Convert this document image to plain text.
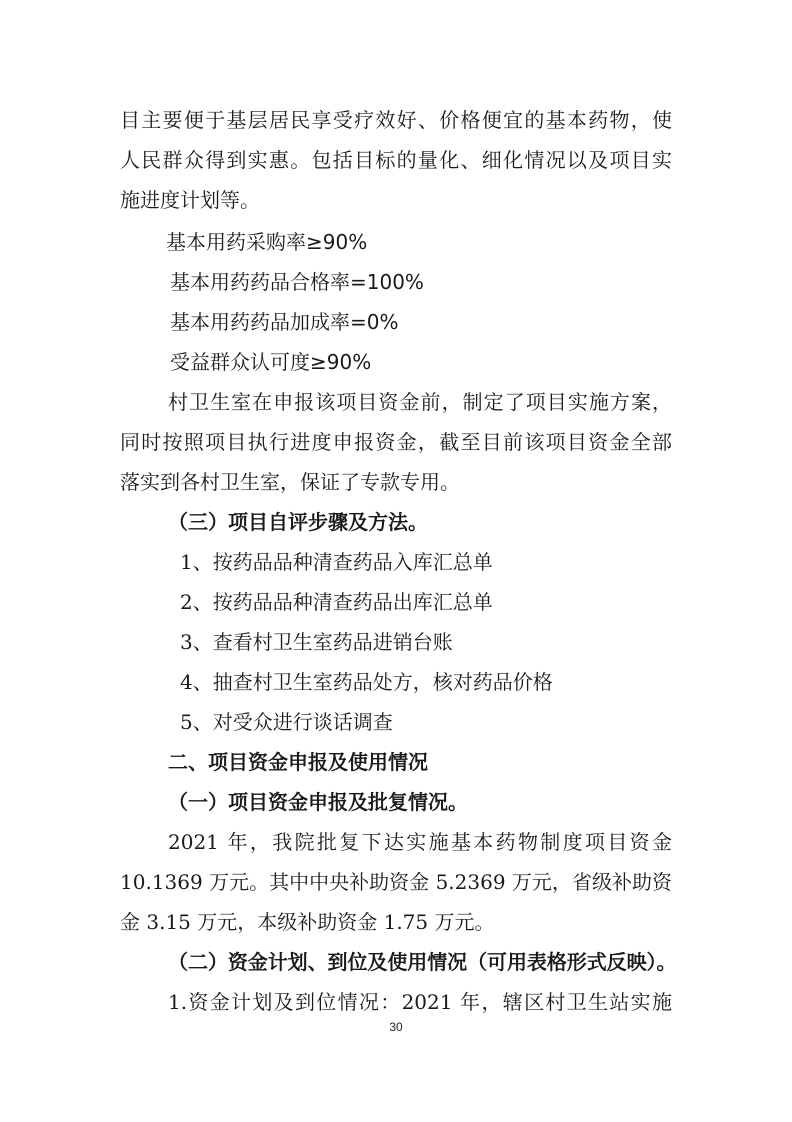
目主要便于基层居民享受疗效好、价格便宜的基本药物，使
人民群众得到实惠。包括目标的量化、细化情况以及项目实
施进度计划等。
基本用药采购率≥90%
基本用药药品合格率=100%
基本用药药品加成率=0%
受益群众认可度≥90%
村卫生室在申报该项目资金前，制定了项目实施方案，
同时按照项目执行进度申报资金，截至目前该项目资金全部
落实到各村卫生室，保证了专款专用。
（三）项目自评步骤及方法。
1、按药品品种清查药品入库汇总单
2、按药品品种清查药品出库汇总单
3、查看村卫生室药品进销台账
4、抽查村卫生室药品处方，核对药品价格
5、对受众进行谈话调查
二、项目资金申报及使用情况
（一）项目资金申报及批复情况。
2021 年，我院批复下达实施基本药物制度项目资金
10.1369 万元。其中中央补助资金 5.2369 万元，省级补助资
金 3.15 万元，本级补助资金 1.75 万元。
（二）资金计划、到位及使用情况（可用表格形式反映）。
1.资金计划及到位情况：2021 年，辖区村卫生站实施
30
